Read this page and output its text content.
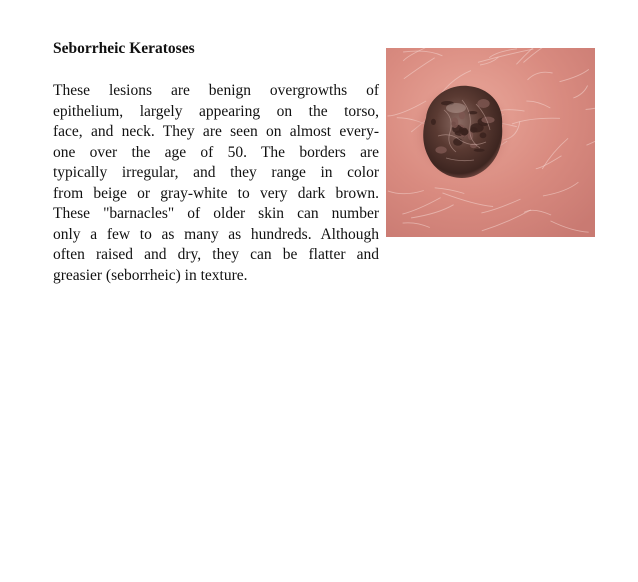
Seborrheic Keratoses

These lesions are benign overgrowths of
epithelium, largely appearing on the torso,
face, and neck. They are seen on almost every-
one over the age of 50. The borders are
typically irregular, and they range in color
from beige or gray-white to very dark brown.
These "barnacles" of older skin can number
only a few to as many as hundreds. Although
often raised and dry, they can be flatter and
greasier (seborrheic) in texture.
